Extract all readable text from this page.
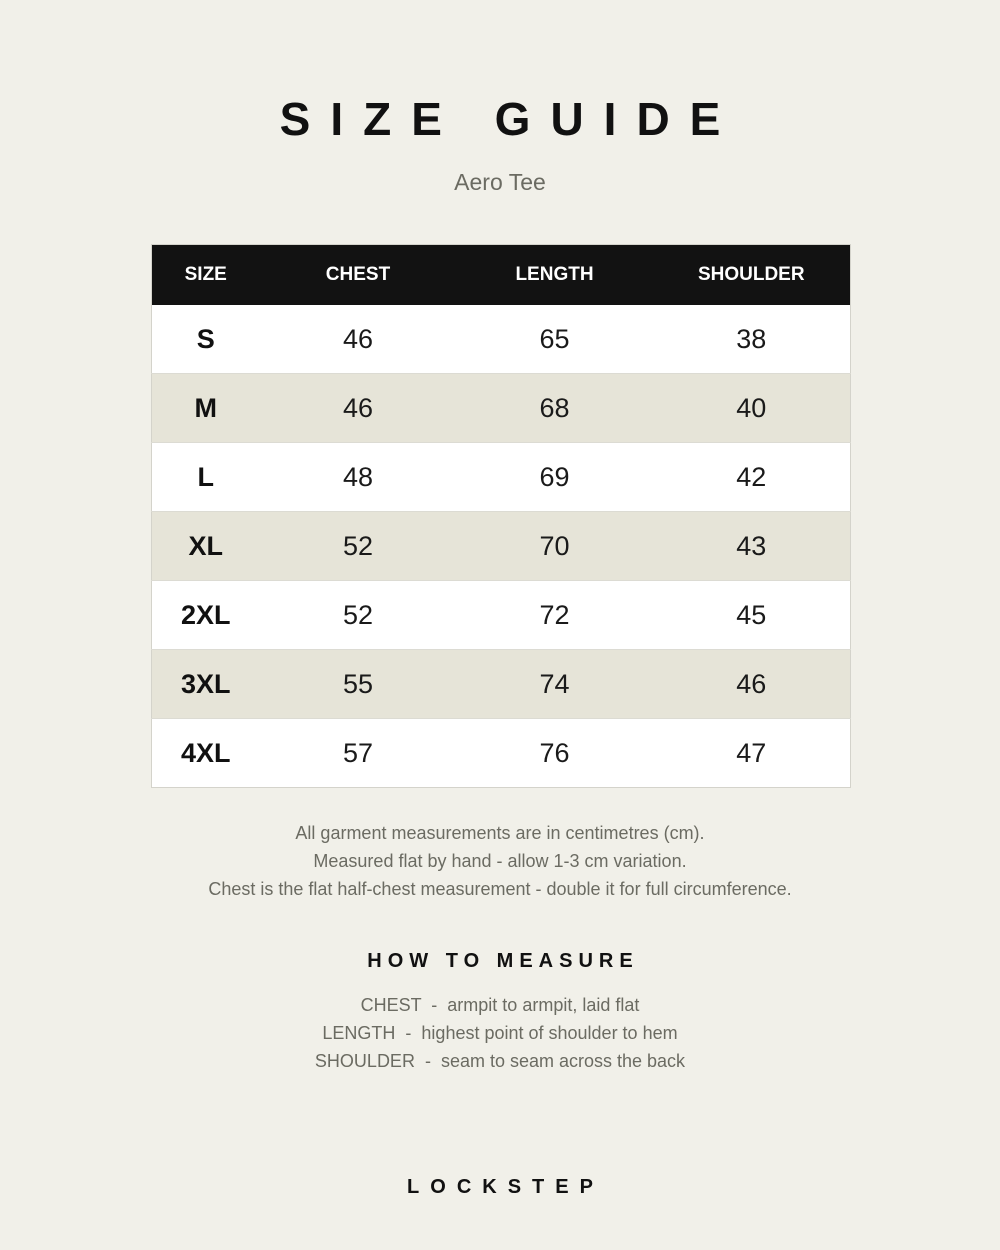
SIZE GUIDE
Aero Tee
SIZE	CHEST	LENGTH	SHOULDER
S	46	65	38
M	46	68	40
L	48	69	42
XL	52	70	43
2XL	52	72	45
3XL	55	74	46
4XL	57	76	47
All garment measurements are in centimetres (cm).
Measured flat by hand - allow 1-3 cm variation.
Chest is the flat half-chest measurement - double it for full circumference.
HOW TO MEASURE
CHEST  -  armpit to armpit, laid flat
LENGTH  -  highest point of shoulder to hem
SHOULDER  -  seam to seam across the back
LOCKSTEP
